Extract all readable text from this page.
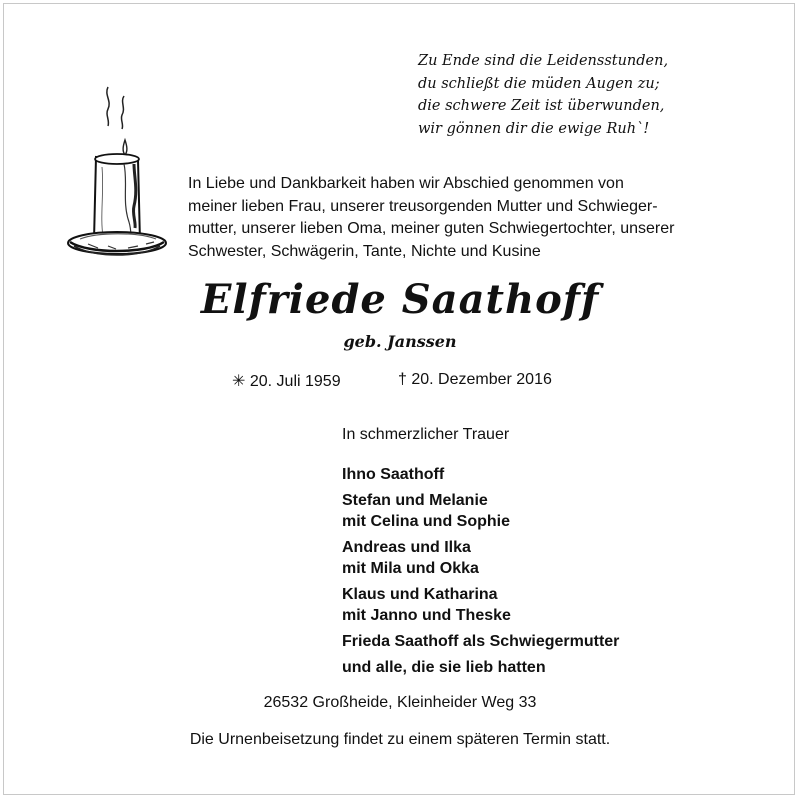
Zu Ende sind die Leidensstunden,
du schließt die müden Augen zu;
die schwere Zeit ist überwunden,
wir gönnen dir die ewige Ruh`!
In Liebe und Dankbarkeit haben wir Abschied genommen von
meiner lieben Frau, unserer treusorgenden Mutter und Schwieger-
mutter, unserer lieben Oma, meiner guten Schwiegertochter, unserer
Schwester, Schwägerin, Tante, Nichte und Kusine
Elfriede Saathoff
geb. Janssen
✳ 20. Juli 1959	† 20. Dezember 2016
In schmerzlicher Trauer
Ihno Saathoff
Stefan und Melanie
mit Celina und Sophie
Andreas und Ilka
mit Mila und Okka
Klaus und Katharina
mit Janno und Theske
Frieda Saathoff als Schwiegermutter
und alle, die sie lieb hatten
26532 Großheide, Kleinheider Weg 33
Die Urnenbeisetzung findet zu einem späteren Termin statt.
